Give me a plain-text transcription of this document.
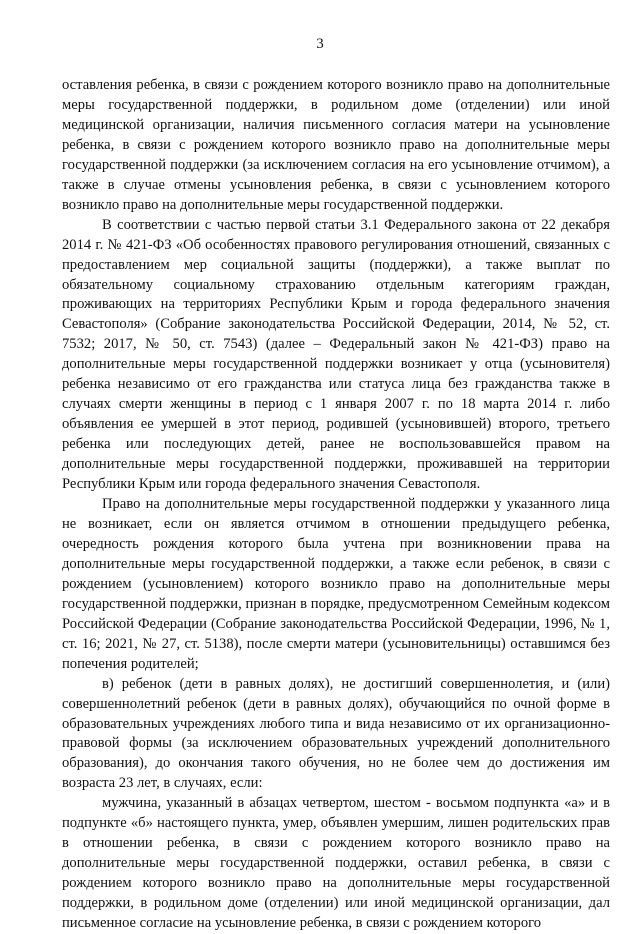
3

оставления ребенка, в связи с рождением которого возникло право на дополнительные меры государственной поддержки, в родильном доме (отделении) или иной медицинской организации, наличия письменного согласия матери на усыновление ребенка, в связи с рождением которого возникло право на дополнительные меры государственной поддержки (за исключением согласия на его усыновление отчимом), а также в случае отмены усыновления ребенка, в связи с усыновлением которого возникло право на дополнительные меры государственной поддержки.

В соответствии с частью первой статьи 3.1 Федерального закона от 22 декабря 2014 г. № 421-ФЗ «Об особенностях правового регулирования отношений, связанных с предоставлением мер социальной защиты (поддержки), а также выплат по обязательному социальному страхованию отдельным категориям граждан, проживающих на территориях Республики Крым и города федерального значения Севастополя» (Собрание законодательства Российской Федерации, 2014, № 52, ст. 7532; 2017, № 50, ст. 7543) (далее – Федеральный закон № 421-ФЗ) право на дополнительные меры государственной поддержки возникает у отца (усыновителя) ребенка независимо от его гражданства или статуса лица без гражданства также в случаях смерти женщины в период с 1 января 2007 г. по 18 марта 2014 г. либо объявления ее умершей в этот период, родившей (усыновившей) второго, третьего ребенка или последующих детей, ранее не воспользовавшейся правом на дополнительные меры государственной поддержки, проживавшей на территории Республики Крым или города федерального значения Севастополя.

Право на дополнительные меры государственной поддержки у указанного лица не возникает, если он является отчимом в отношении предыдущего ребенка, очередность рождения которого была учтена при возникновении права на дополнительные меры государственной поддержки, а также если ребенок, в связи с рождением (усыновлением) которого возникло право на дополнительные меры государственной поддержки, признан в порядке, предусмотренном Семейным кодексом Российской Федерации (Собрание законодательства Российской Федерации, 1996, № 1, ст. 16; 2021, № 27, ст. 5138), после смерти матери (усыновительницы) оставшимся без попечения родителей;

в) ребенок (дети в равных долях), не достигший совершеннолетия, и (или) совершеннолетний ребенок (дети в равных долях), обучающийся по очной форме в образовательных учреждениях любого типа и вида независимо от их организационно-правовой формы (за исключением образовательных учреждений дополнительного образования), до окончания такого обучения, но не более чем до достижения им возраста 23 лет, в случаях, если:

мужчина, указанный в абзацах четвертом, шестом - восьмом подпункта «а» и в подпункте «б» настоящего пункта, умер, объявлен умершим, лишен родительских прав в отношении ребенка, в связи с рождением которого возникло право на дополнительные меры государственной поддержки, оставил ребенка, в связи с рождением которого возникло право на дополнительные меры государственной поддержки, в родильном доме (отделении) или иной медицинской организации, дал письменное согласие на усыновление ребенка, в связи с рождением которого
